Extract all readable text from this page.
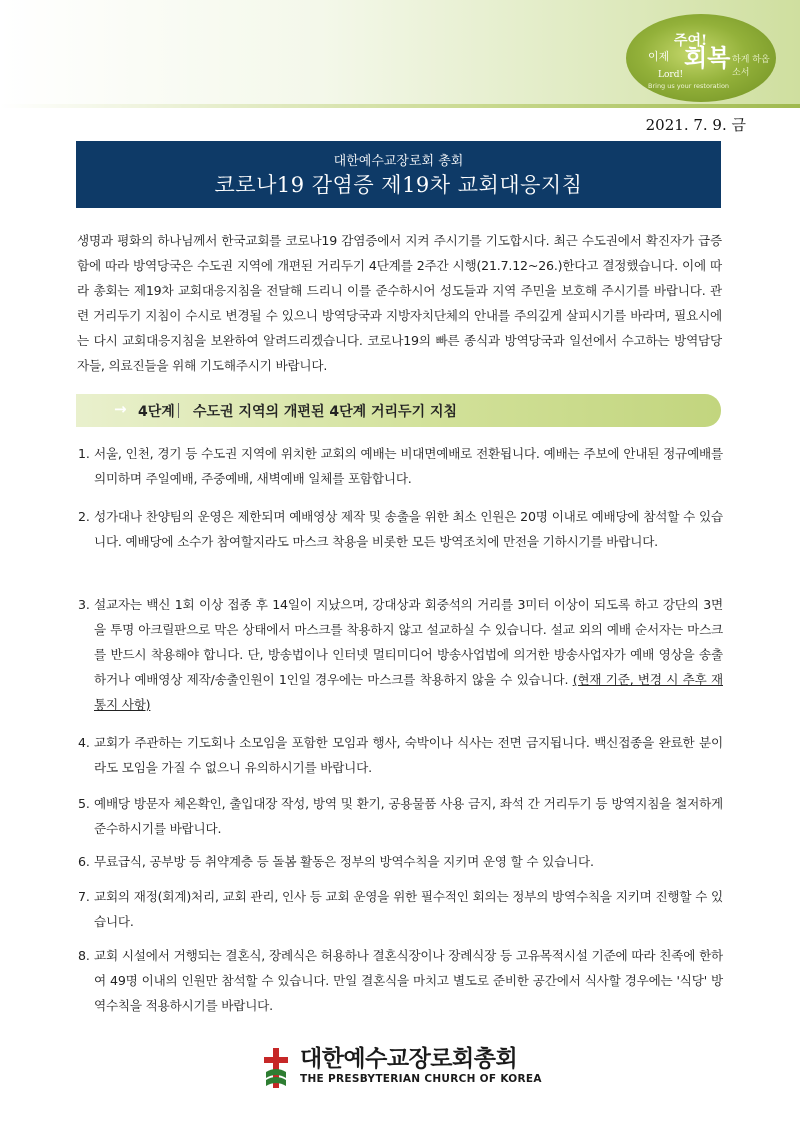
주여!
이제 회복 하게 하옵소서
Lord!
Bring us your restoration
2021. 7. 9. 금
대한예수교장로회 총회
코로나19 감염증 제19차 교회대응지침

생명과 평화의 하나님께서 한국교회를 코로나19 감염증에서 지켜 주시기를 기도합시다. 최근 수도권에서 확진자가 급증함에 따라 방역당국은 수도권 지역에 개편된 거리두기 4단계를 2주간 시행(21.7.12~26.)한다고 결정했습니다. 이에 따라 총회는 제19차 교회대응지침을 전달해 드리니 이를 준수하시어 성도들과 지역 주민을 보호해 주시기를 바랍니다. 관련 거리두기 지침이 수시로 변경될 수 있으니 방역당국과 지방자치단체의 안내를 주의깊게 살피시기를 바라며, 필요시에는 다시 교회대응지침을 보완하여 알려드리겠습니다. 코로나19의 빠른 종식과 방역당국과 일선에서 수고하는 방역담당자들, 의료진들을 위해 기도해주시기 바랍니다.

→ 4단계 수도권 지역의 개편된 4단계 거리두기 지침
1. 서울, 인천, 경기 등 수도권 지역에 위치한 교회의 예배는 비대면예배로 전환됩니다. 예배는 주보에 안내된 정규예배를 의미하며 주일예배, 주중예배, 새벽예배 일체를 포함합니다.
2. 성가대나 찬양팀의 운영은 제한되며 예배영상 제작 및 송출을 위한 최소 인원은 20명 이내로 예배당에 참석할 수 있습니다. 예배당에 소수가 참여할지라도 마스크 착용을 비롯한 모든 방역조치에 만전을 기하시기를 바랍니다.
3. 설교자는 백신 1회 이상 접종 후 14일이 지났으며, 강대상과 회중석의 거리를 3미터 이상이 되도록 하고 강단의 3면을 투명 아크릴판으로 막은 상태에서 마스크를 착용하지 않고 설교하실 수 있습니다. 설교 외의 예배 순서자는 마스크를 반드시 착용해야 합니다. 단, 방송법이나 인터넷 멀티미디어 방송사업법에 의거한 방송사업자가 예배 영상을 송출하거나 예배영상 제작/송출인원이 1인일 경우에는 마스크를 착용하지 않을 수 있습니다. (현재 기준, 변경 시 추후 재 통지 사항)
4. 교회가 주관하는 기도회나 소모임을 포함한 모임과 행사, 숙박이나 식사는 전면 금지됩니다. 백신접종을 완료한 분이라도 모임을 가질 수 없으니 유의하시기를 바랍니다.
5. 예배당 방문자 체온확인, 출입대장 작성, 방역 및 환기, 공용물품 사용 금지, 좌석 간 거리두기 등 방역지침을 철저하게 준수하시기를 바랍니다.
6. 무료급식, 공부방 등 취약계층 등 돌봄 활동은 정부의 방역수칙을 지키며 운영 할 수 있습니다.
7. 교회의 재정(회계)처리, 교회 관리, 인사 등 교회 운영을 위한 필수적인 회의는 정부의 방역수칙을 지키며 진행할 수 있습니다.
8. 교회 시설에서 거행되는 결혼식, 장례식은 허용하나 결혼식장이나 장례식장 등 고유목적시설 기준에 따라 친족에 한하여 49명 이내의 인원만 참석할 수 있습니다. 만일 결혼식을 마치고 별도로 준비한 공간에서 식사할 경우에는 '식당' 방역수칙을 적용하시기를 바랍니다.
대한예수교장로회총회
THE PRESBYTERIAN CHURCH OF KOREA
